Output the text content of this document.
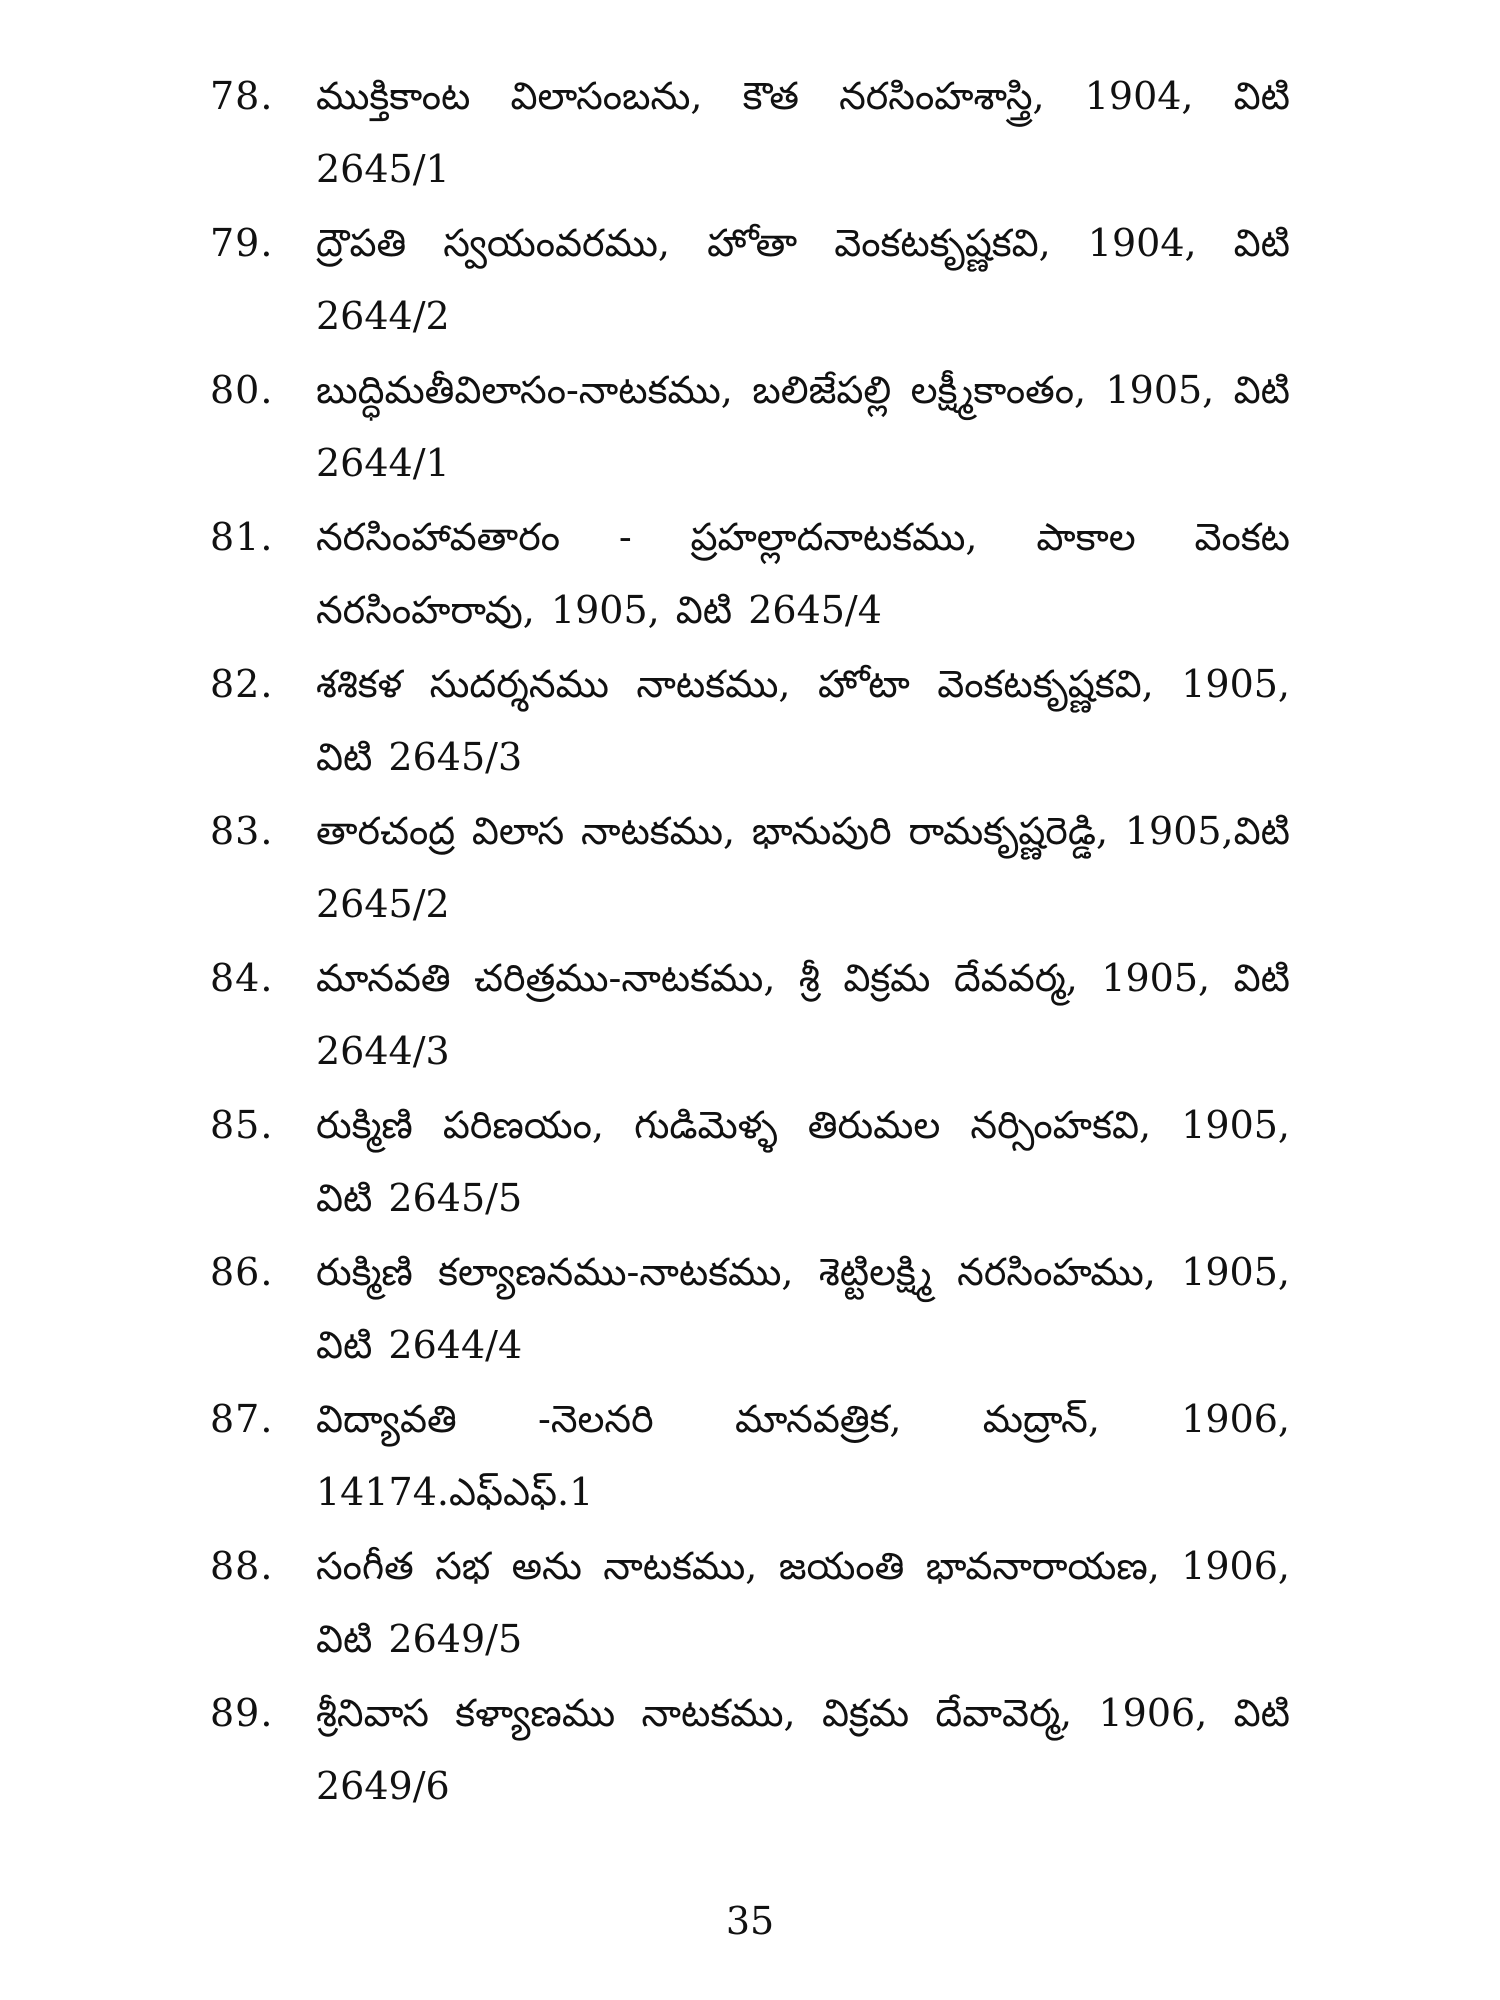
78.	ముక్తికాంట విలాసంబను, కౌత నరసింహశాస్త్రి, 1904, విటి 2645/1
79.	ద్రౌపతి స్వయంవరము, హోతా వెంకటకృష్ణకవి, 1904, విటి 2644/2
80.	బుద్ధిమతీవిలాసం-నాటకము, బలిజేపల్లి లక్ష్మీకాంతం, 1905, విటి 2644/1
81.	నరసింహావతారం - ప్రహల్లాదనాటకము, పాకాల వెంకట నరసింహరావు, 1905, విటి 2645/4
82.	శశికళ సుదర్శనము నాటకము, హోటా వెంకటకృష్ణకవి, 1905, విటి 2645/3
83.	తారచంద్ర విలాస నాటకము, భానుపురి రామకృష్ణరెడ్డి, 1905,విటి 2645/2
84.	మానవతి చరిత్రము-నాటకము, శ్రీ విక్రమ దేవవర్మ, 1905, విటి 2644/3
85.	రుక్మిణి పరిణయం, గుడిమెళ్ళ తిరుమల నర్సింహకవి, 1905, విటి 2645/5
86.	రుక్మిణి కల్యాణనము-నాటకము, శెట్టిలక్ష్మి నరసింహము, 1905, విటి 2644/4
87.	విద్యావతి -నెలనరి మానవత్రిక, మద్రాన్, 1906, 14174.ఎఫ్ఎఫ్.1
88.	సంగీత సభ అను నాటకము, జయంతి భావనారాయణ, 1906, విటి 2649/5
89.	శ్రీనివాస కళ్యాణము నాటకము, విక్రమ దేవావెర్మ, 1906, విటి 2649/6
35
